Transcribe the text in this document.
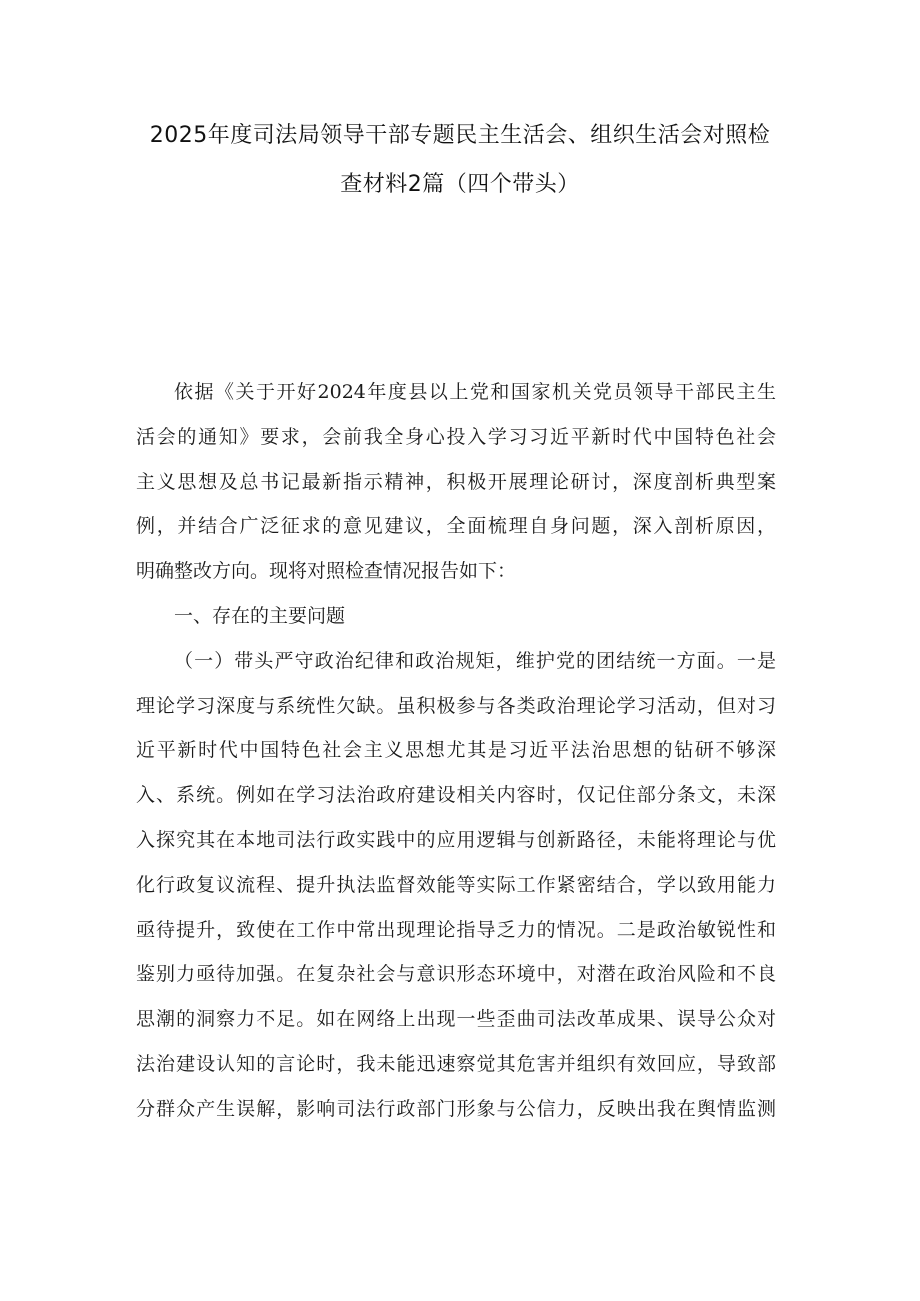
2025年度司法局领导干部专题民主生活会、组织生活会对照检
查材料2篇（四个带头）
依据《关于开好2024年度县以上党和国家机关党员领导干部民主生
活会的通知》要求，会前我全身心投入学习习近平新时代中国特色社会
主义思想及总书记最新指示精神，积极开展理论研讨，深度剖析典型案
例，并结合广泛征求的意见建议，全面梳理自身问题，深入剖析原因，
明确整改方向。现将对照检查情况报告如下：
一、存在的主要问题
（一）带头严守政治纪律和政治规矩，维护党的团结统一方面。一是
理论学习深度与系统性欠缺。虽积极参与各类政治理论学习活动，但对习
近平新时代中国特色社会主义思想尤其是习近平法治思想的钻研不够深
入、系统。例如在学习法治政府建设相关内容时，仅记住部分条文，未深
入探究其在本地司法行政实践中的应用逻辑与创新路径，未能将理论与优
化行政复议流程、提升执法监督效能等实际工作紧密结合，学以致用能力
亟待提升，致使在工作中常出现理论指导乏力的情况。二是政治敏锐性和
鉴别力亟待加强。在复杂社会与意识形态环境中，对潜在政治风险和不良
思潮的洞察力不足。如在网络上出现一些歪曲司法改革成果、误导公众对
法治建设认知的言论时，我未能迅速察觉其危害并组织有效回应，导致部
分群众产生误解，影响司法行政部门形象与公信力，反映出我在舆情监测
